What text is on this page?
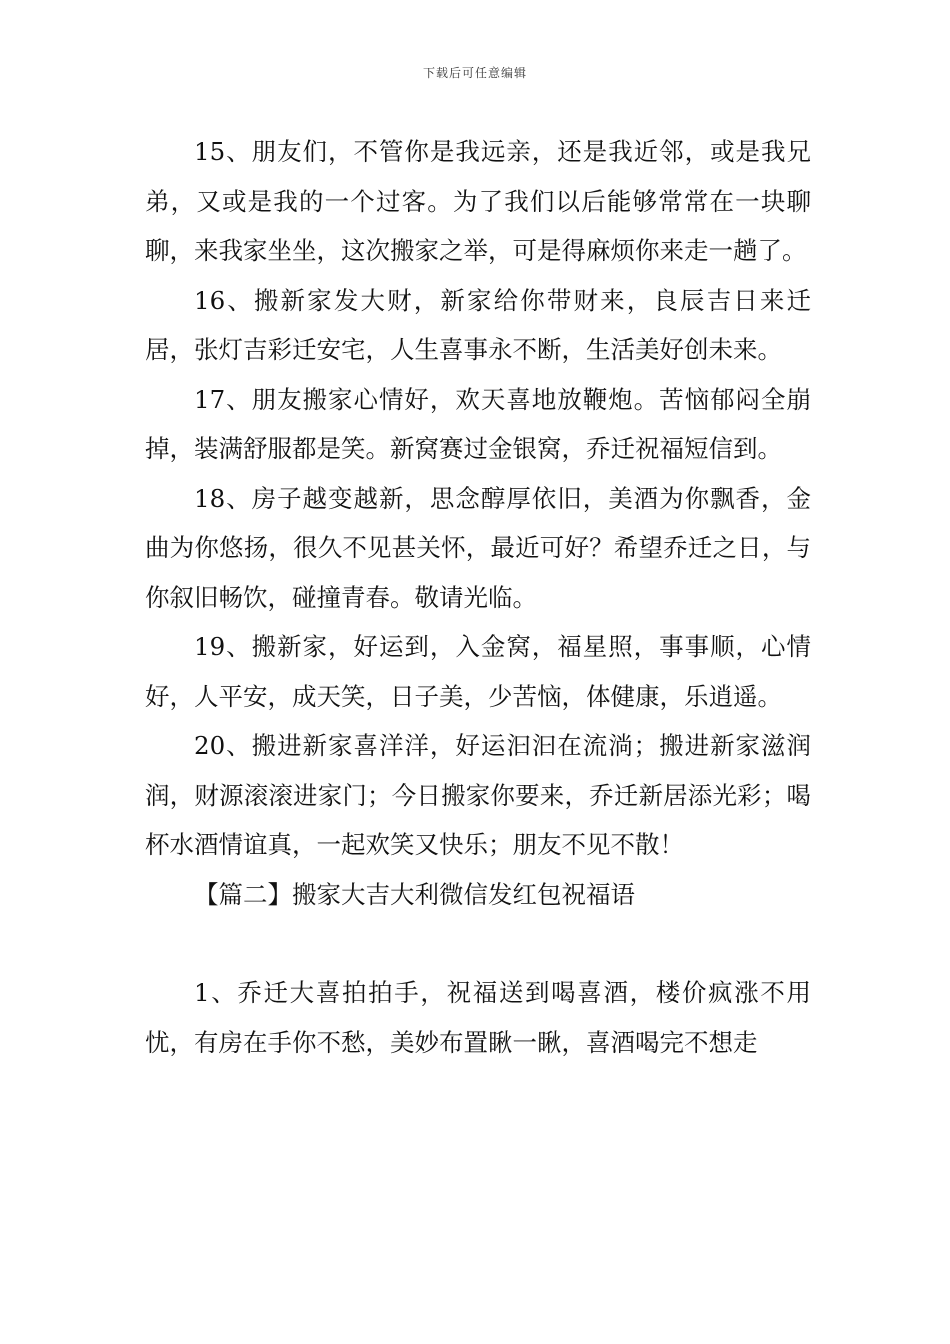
下载后可任意编辑

15、朋友们，不管你是我远亲，还是我近邻，或是我兄弟，又或是我的一个过客。为了我们以后能够常常在一块聊聊，来我家坐坐，这次搬家之举，可是得麻烦你来走一趟了。

16、搬新家发大财，新家给你带财来，良辰吉日来迁居，张灯吉彩迁安宅，人生喜事永不断，生活美好创未来。

17、朋友搬家心情好，欢天喜地放鞭炮。苦恼郁闷全崩掉，装满舒服都是笑。新窝赛过金银窝，乔迁祝福短信到。

18、房子越变越新，思念醇厚依旧，美酒为你飘香，金曲为你悠扬，很久不见甚关怀，最近可好？希望乔迁之日，与你叙旧畅饮，碰撞青春。敬请光临。

19、搬新家，好运到，入金窝，福星照，事事顺，心情好，人平安，成天笑，日子美，少苦恼，体健康，乐逍遥。

20、搬进新家喜洋洋，好运汩汩在流淌；搬进新家滋润润，财源滚滚进家门；今日搬家你要来，乔迁新居添光彩；喝杯水酒情谊真，一起欢笑又快乐；朋友不见不散！

【篇二】搬家大吉大利微信发红包祝福语

1、乔迁大喜拍拍手，祝福送到喝喜酒，楼价疯涨不用忧，有房在手你不愁，美妙布置瞅一瞅，喜酒喝完不想走
